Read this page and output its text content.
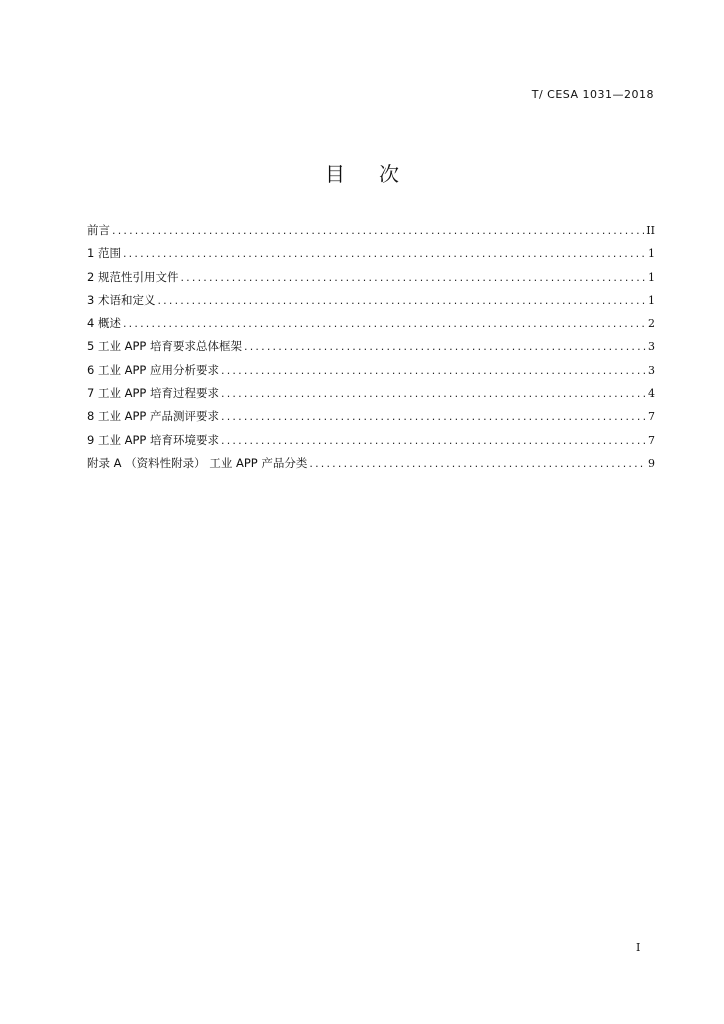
T/ CESA 1031—2018
目次
前言 .....	II
1 范围 .....	1
2 规范性引用文件 .....	1
3 术语和定义 .....	1
4 概述 .....	2
5 工业 APP 培育要求总体框架 .....	3
6 工业 APP 应用分析要求 .....	3
7 工业 APP 培育过程要求 .....	4
8 工业 APP 产品测评要求 .....	7
9 工业 APP 培育环境要求 .....	7
附录 A （资料性附录） 工业 APP 产品分类 .....	9
I
